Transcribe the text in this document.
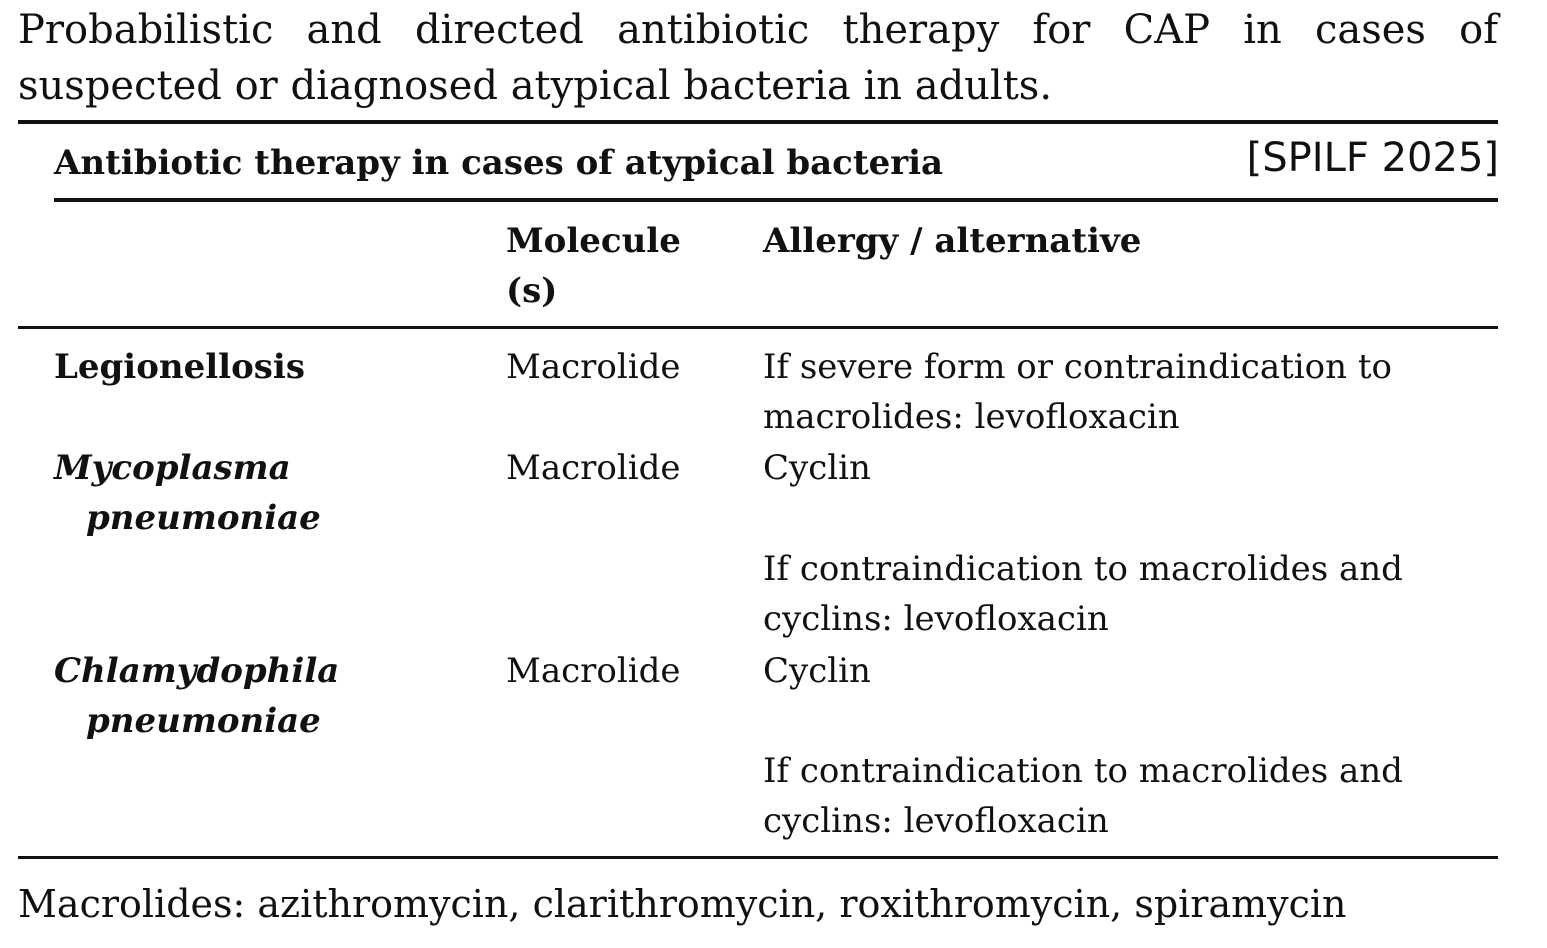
Probabilistic and directed antibiotic therapy for CAP in cases of suspected or diagnosed atypical bacteria in adults.
Antibiotic therapy in cases of atypical bacteria	[SPILF 2025]
Molecule
(s)
Allergy / alternative
Legionellosis	Macrolide If severe form or contraindication to macrolides: levofloxacin
Mycoplasma
pneumoniae
Macrolide Cyclin
If contraindication to macrolides and cyclins: levofloxacin
Chlamydophila
pneumoniae
Macrolide Cyclin
If contraindication to macrolides and cyclins: levofloxacin
Macrolides: azithromycin, clarithromycin, roxithromycin, spiramycin
